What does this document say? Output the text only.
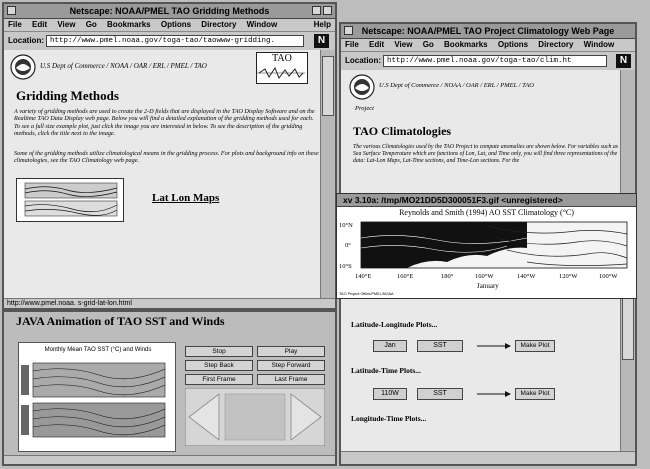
Netscape: NOAA/PMEL TAO Gridding Methods
File Edit View Go Bookmarks Options Directory Window	Help
Location: http://www.pmel.noaa.gov/toga-tao/taowww-gridding.	N
U.S Dept of Commerce / NOAA / OAR / ERL / PMEL / TAO
TAO
Gridding Methods
A variety of gridding methods are used to create the 2-D fields that are displayed in the TAO Display Software and on the Realtime TAO Data Display web page. Below you will find a detailed explanation of the gridding methods used for each. To see a full size example plot, just click the image you are interested in below. To see the description of the gridding methods, click the title next to the image.
Some of the gridding methods utilize climatological means in the gridding process. For plots and background info on these climatologies, see the TAO Climatology web page.
Lat Lon Maps
http://www.pmel.noaa. s-grid-lat-lon.html
JAVA Animation of TAO SST and Winds
Monthly Mean TAO SST (°C) and Winds	Stop	Play
Step Back	Step Forward
First Frame	Last Frame
Netscape: NOAA/PMEL TAO Project Climatology Web Page
File Edit View Go Bookmarks Options Directory Window
Location: http://www.pmel.noaa.gov/toga-tao/clim.ht	N
U.S Dept of Commerce / NOAA / OAR / ERL / PMEL / TAO
Project
TAO Climatologies
The various Climatologies used by the TAO Project to compute anomalies are shown below. For variables such as Sea Surface Temperature which are functions of Lon, Lat, and Time only, you will find three representations of the data: Lat-Lon Maps, Lat-Time sections, and Time-Lon sections. For the
Latitude-Longitude Plots...
Jan	SST	Make Plot
Latitude-Time Plots...
110W	SST	Make Plot
Longitude-Time Plots...
xv 3.10a: /tmp/MO21DD5D300051F3.gif <unregistered>
Reynolds and Smith (1994) AO SST Climatology (°C)
10°N
0°
10°S
140°E	160°E	180°	160°W	140°W	120°W	100°W
January
TAO Project Office/PMEL/NOAA
